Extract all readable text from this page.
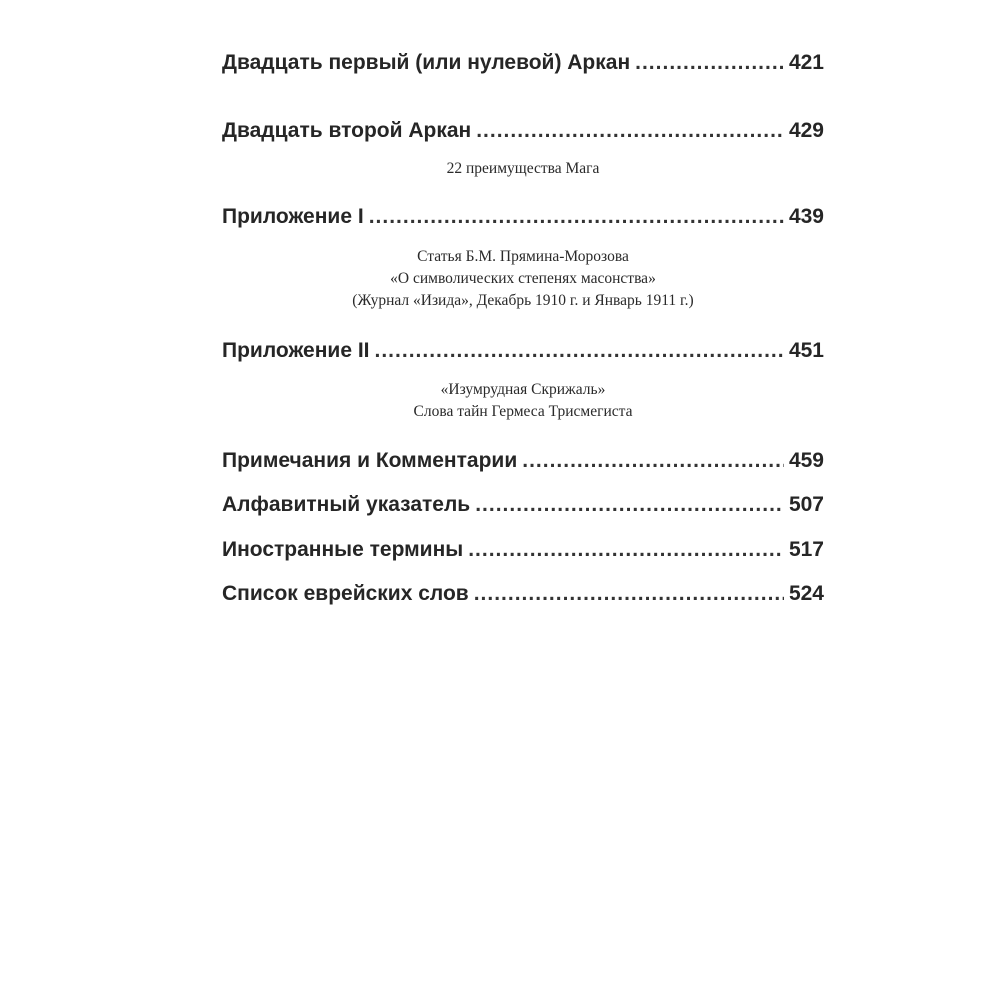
Двадцать первый (или нулевой) Аркан .....	421
Двадцать второй Аркан .....	429
22 преимущества Мага
Приложение I .....	439
Статья Б.М. Прямина-Морозова
«О символических степенях масонства»
(Журнал «Изида», Декабрь 1910 г. и Январь 1911 г.)
Приложение II .....	451
«Изумрудная Скрижаль»
Слова тайн Гермеса Трисмегиста
Примечания и Комментарии .....	459
Алфавитный указатель .....	507
Иностранные термины .....	517
Список еврейских слов .....	524
